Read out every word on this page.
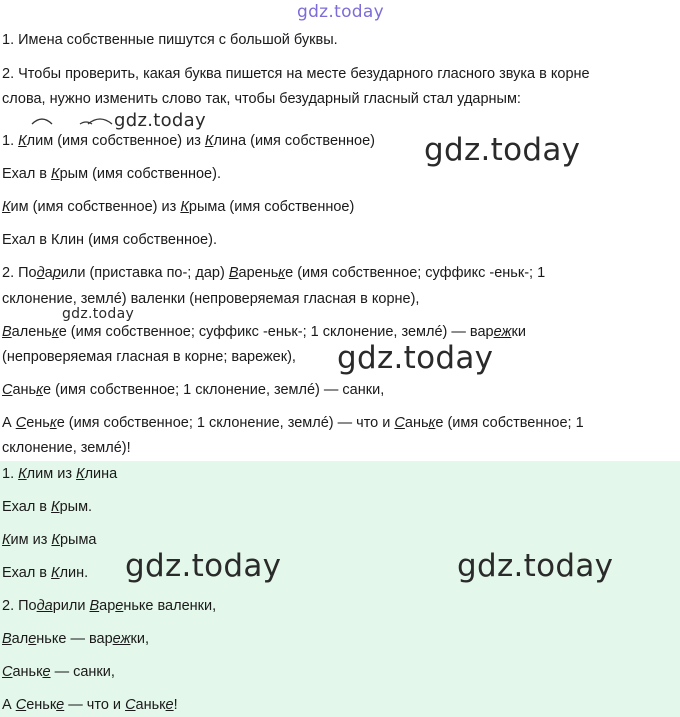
gdz.today
gdz.today
gdz.today
gdz.today
gdz.today
gdz.today	gdz.today
1. Имена собственные пишутся с большой буквы.
2. Чтобы проверить, какая буква пишется на месте безударного гласного звука в корне
слова, нужно изменить слово так, чтобы безударный гласный стал ударным:
1. Клим (имя собственное) из Клина (имя собственное)
Ехал в Крым (имя собственное).
Ким (имя собственное) из Крыма (имя собственное)
Ехал в Клин (имя собственное).
2. Подарили (приставка по-; дар) Вареньке (имя собственное; суффикс -еньк-; 1
склонение, землé) валенки (непроверяемая гласная в корне),
Валеньке (имя собственное; суффикс -еньк-; 1 склонение, землé) — варежки
(непроверяемая гласная в корне; варежек),
Саньке (имя собственное; 1 склонение, землé) — санки,
А Сеньке (имя собственное; 1 склонение, землé) — что и Саньке (имя собственное; 1
склонение, землé)!
1. Клим из Клина
Ехал в Крым.
Ким из Крыма
Ехал в Клин.
2. Подарили Вареньке валенки,
Валеньке — варежки,
Саньке — санки,
А Сеньке — что и Саньке!
